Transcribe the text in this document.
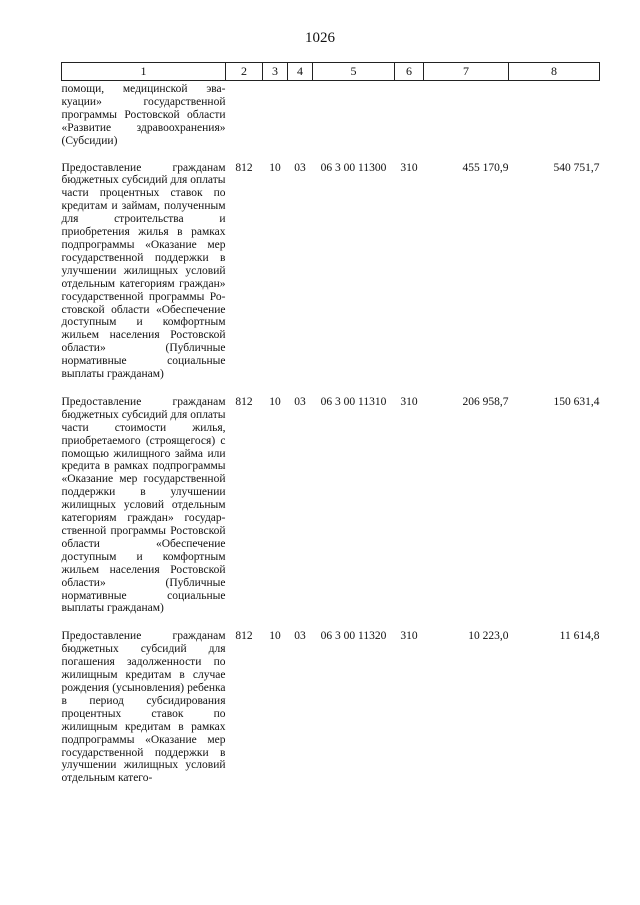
1026
1	2	3	4	5	6	7	8
помощи, медицинской эвакуации» государственной программы Ростовской области «Развитие здравоохранения» (Субсидии)							
Предоставление гражданам бюджетных субсидий для оплаты части процентных ставок по кредитам и займам, полученным для строительства и приобретения жилья в рамках подпрограммы «Оказание мер государственной поддержки в улучшении жилищных условий отдельным категориям граждан» государственной программы Ростовской области «Обеспечение доступным и комфортным жильем населения Ростовской области» (Публичные нормативные социальные выплаты гражданам)	812	10	03	06 3 00 11300	310	455 170,9	540 751,7
Предоставление гражданам бюджетных субсидий для оплаты части стоимости жилья, приобретаемого (строящегося) с помощью жилищного займа или кредита в рамках подпрограммы «Оказание мер государственной поддержки в улучшении жилищных условий отдельным категориям граждан» государственной программы Ростовской области «Обеспечение доступным и комфортным жильем населения Ростовской области» (Публичные нормативные социальные выплаты гражданам)	812	10	03	06 3 00 11310	310	206 958,7	150 631,4
Предоставление гражданам бюджетных субсидий для погашения задолженности по жилищным кредитам в случае рождения (усыновления) ребенка в период субсидирования процентных ставок по жилищным кредитам в рамках подпрограммы «Оказание мер государственной поддержки в улучшении жилищных условий отдельным катего-	812	10	03	06 3 00 11320	310	10 223,0	11 614,8
